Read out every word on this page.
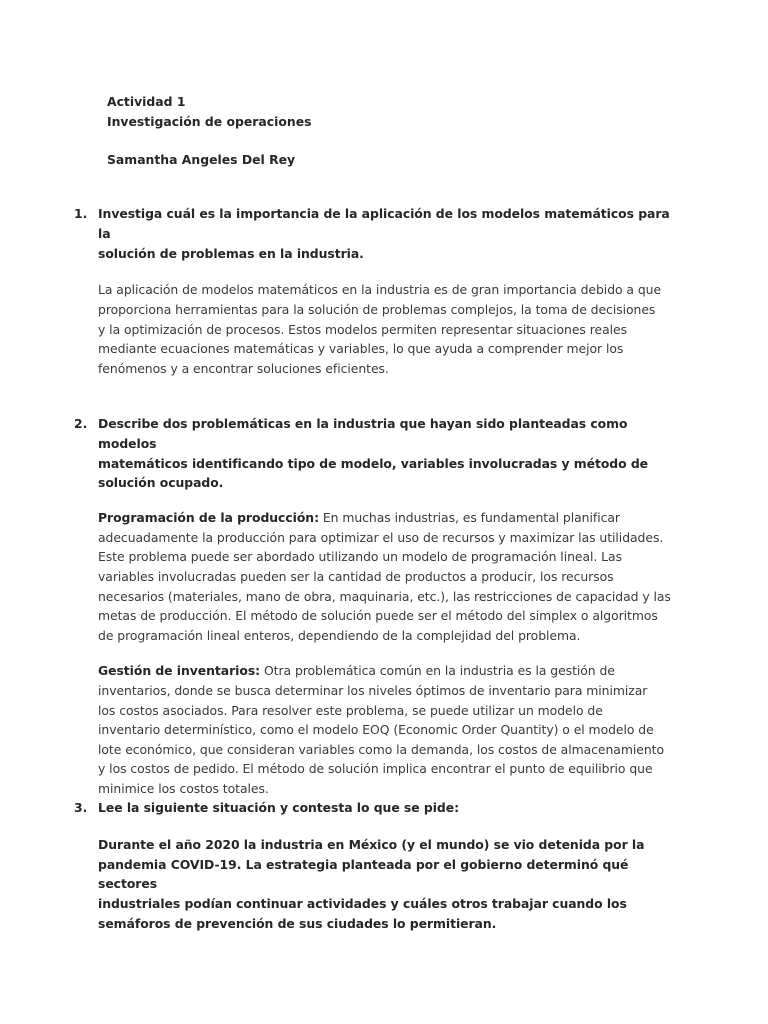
Actividad 1
Investigación de operaciones
Samantha Angeles Del Rey
1. Investiga cuál es la importancia de la aplicación de los modelos matemáticos para la
solución de problemas en la industria.
La aplicación de modelos matemáticos en la industria es de gran importancia debido a que
proporciona herramientas para la solución de problemas complejos, la toma de decisiones
y la optimización de procesos. Estos modelos permiten representar situaciones reales
mediante ecuaciones matemáticas y variables, lo que ayuda a comprender mejor los
fenómenos y a encontrar soluciones eficientes.
2. Describe dos problemáticas en la industria que hayan sido planteadas como modelos
matemáticos identificando tipo de modelo, variables involucradas y método de
solución ocupado.
Programación de la producción: En muchas industrias, es fundamental planificar
adecuadamente la producción para optimizar el uso de recursos y maximizar las utilidades.
Este problema puede ser abordado utilizando un modelo de programación lineal. Las
variables involucradas pueden ser la cantidad de productos a producir, los recursos
necesarios (materiales, mano de obra, maquinaria, etc.), las restricciones de capacidad y las
metas de producción. El método de solución puede ser el método del simplex o algoritmos
de programación lineal enteros, dependiendo de la complejidad del problema.
Gestión de inventarios: Otra problemática común en la industria es la gestión de
inventarios, donde se busca determinar los niveles óptimos de inventario para minimizar
los costos asociados. Para resolver este problema, se puede utilizar un modelo de
inventario determinístico, como el modelo EOQ (Economic Order Quantity) o el modelo de
lote económico, que consideran variables como la demanda, los costos de almacenamiento
y los costos de pedido. El método de solución implica encontrar el punto de equilibrio que
minimice los costos totales.
3. Lee la siguiente situación y contesta lo que se pide:
Durante el año 2020 la industria en México (y el mundo) se vio detenida por la
pandemia COVID-19. La estrategia planteada por el gobierno determinó qué sectores
industriales podían continuar actividades y cuáles otros trabajar cuando los
semáforos de prevención de sus ciudades lo permitieran.
